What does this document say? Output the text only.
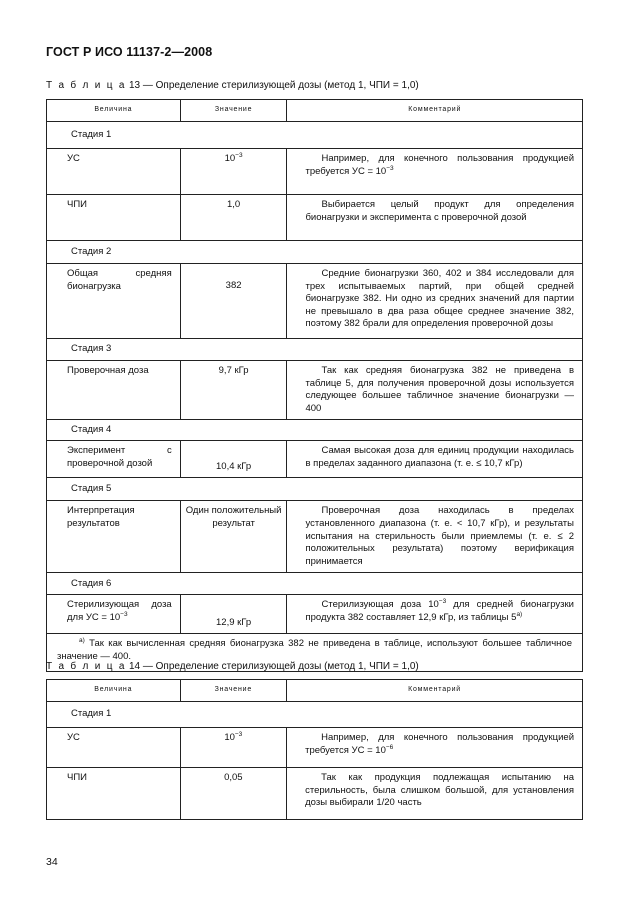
ГОСТ Р ИСО 11137-2—2008
Т а б л и ц а 13 — Определение стерилизующей дозы (метод 1, ЧПИ = 1,0)
Величина	Значение	Комментарий
Стадия 1		
УС	$10^{-3}$	Например, для конечного пользования продукцией требуется УС = $10^{-3}$
ЧПИ	1,0	Выбирается целый продукт для определения бионагрузки и эксперимента с проверочной дозой
Стадия 2		
Общая средняя бионагрузка	382	Средние бионагрузки 360, 402 и 384 исследовали для трех испытываемых партий, при общей средней бионагрузке 382. Ни одно из средних значений для партии не превышало в два раза общее среднее значение 382, поэтому 382 брали для определения проверочной дозы
Стадия 3		
Проверочная доза	9,7 кГр	Так как средняя бионагрузка 382 не приведена в таблице 5, для получения проверочной дозы используется следующее большее табличное значение бионагрузки — 400
Стадия 4		
Эксперимент с проверочной дозой	10,4 кГр	Самая высокая доза для единиц продукции находилась в пределах заданного диапазона (т. е. ≤ 10,7 кГр)
Стадия 5		
Интерпретация результатов	Один положительный результат	Проверочная доза находилась в пределах установленного диапазона (т. е. < 10,7 кГр), и результаты испытания на стерильность были приемлемы (т. е. ≤ 2 положительных результата) поэтому верификация принимается
Стадия 6		
Стерилизующая доза для УС = $10^{-3}$	12,9 кГр	Стерилизующая доза $10^{-3}$ для средней бионагрузки продукта 382 составляет 12,9 кГр, из таблицы $5^{а)}$
$^{а)}$ Так как вычисленная средняя бионагрузка 382 не приведена в таблице, используют большее табличное значение — 400.		
Т а б л и ц а 14 — Определение стерилизующей дозы (метод 1, ЧПИ = 1,0)
Величина	Значение	Комментарий
Стадия 1		
УС	$10^{-3}$	Например, для конечного пользования продукцией требуется УС = $10^{-6}$
ЧПИ	0,05	Так как продукция подлежащая испытанию на стерильность, была слишком большой, для установления дозы выбирали 1/20 часть
34
